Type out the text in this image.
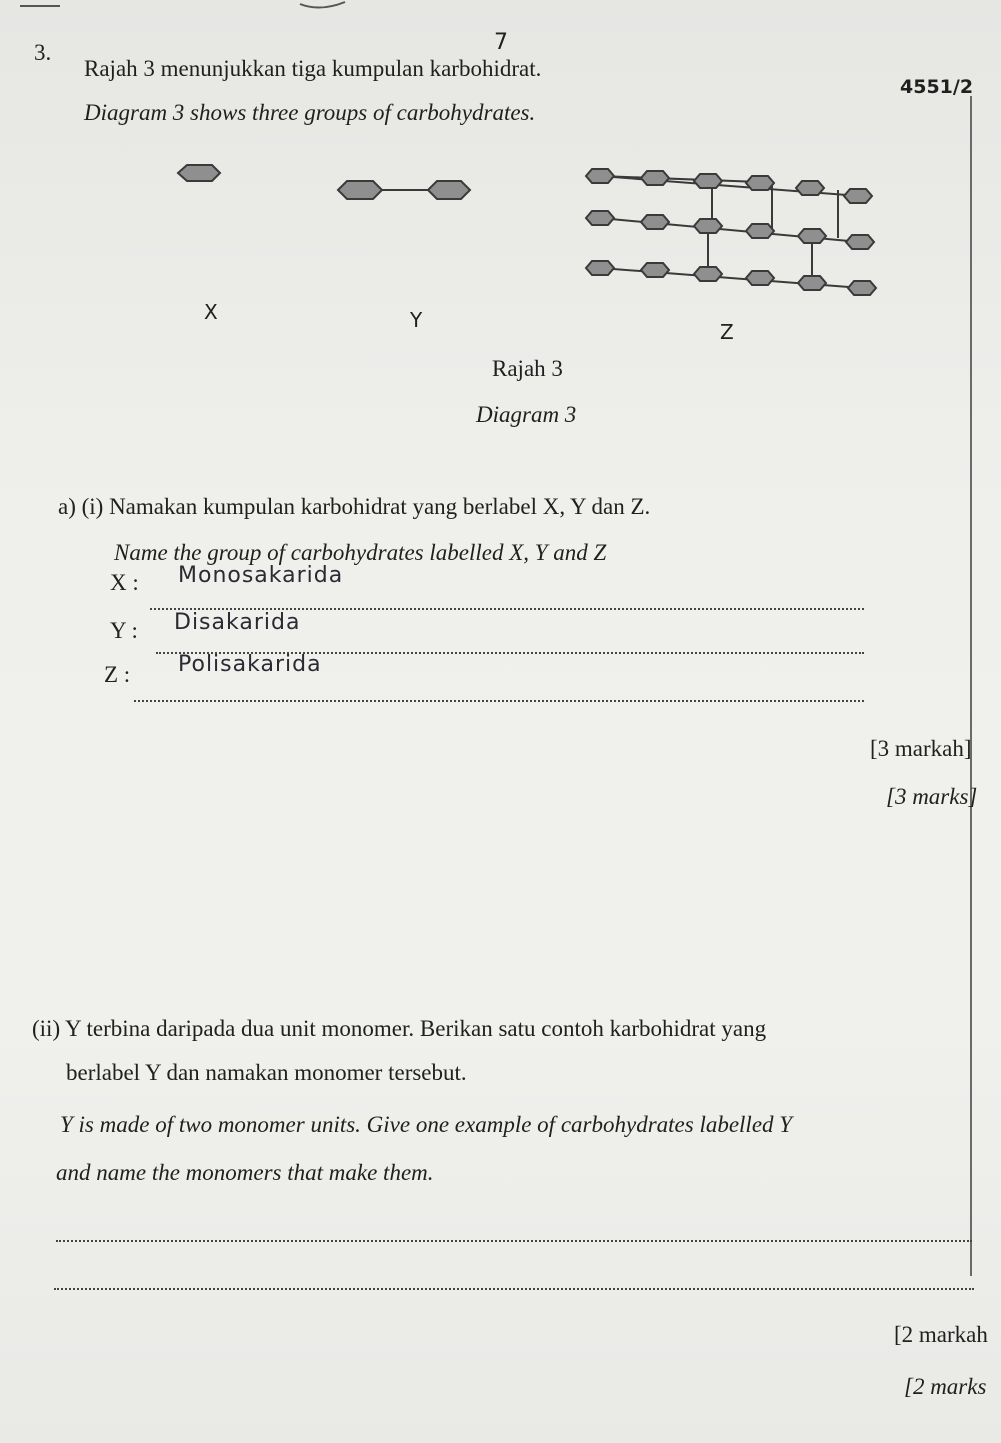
7
4551/2
3.
Rajah 3 menunjukkan tiga kumpulan karbohidrat.
Diagram 3 shows three groups of carbohydrates.
X	Y	Z
Rajah 3
Diagram 3
a) (i) Namakan kumpulan karbohidrat yang berlabel X, Y dan Z.
Name the group of carbohydrates labelled X, Y and Z
X : Monosakarida
Y : Disakarida
Z : Polisakarida
[3 markah]
[3 marks]
(ii) Y terbina daripada dua unit monomer. Berikan satu contoh karbohidrat yang
berlabel Y dan namakan monomer tersebut.
Y is made of two monomer units. Give one example of carbohydrates labelled Y
and name the monomers that make them.
[2 markah
[2 marks
